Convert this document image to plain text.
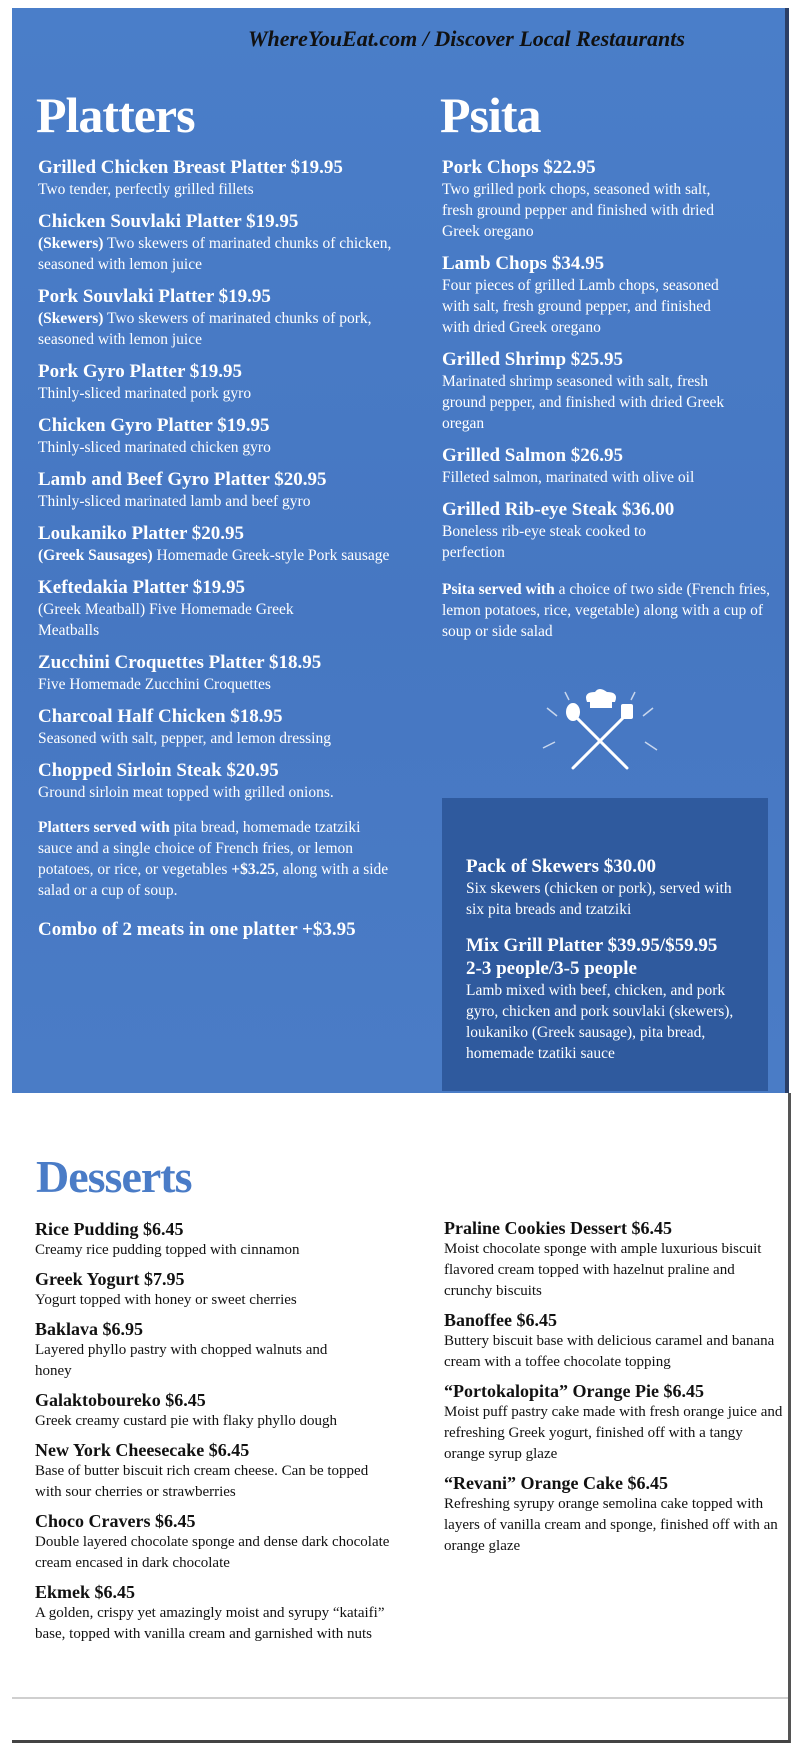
WhereYouEat.com / Discover Local Restaurants
Platters
Grilled Chicken Breast Platter $19.95
Two tender, perfectly grilled fillets
Chicken Souvlaki Platter $19.95
(Skewers) Two skewers of marinated chunks of chicken, seasoned with lemon juice
Pork Souvlaki Platter $19.95
(Skewers) Two skewers of marinated chunks of pork, seasoned with lemon juice
Pork Gyro Platter $19.95
Thinly-sliced marinated pork gyro
Chicken Gyro Platter $19.95
Thinly-sliced marinated chicken gyro
Lamb and Beef Gyro Platter $20.95
Thinly-sliced marinated lamb and beef gyro
Loukaniko Platter $20.95
(Greek Sausages) Homemade Greek-style Pork sausage
Keftedakia Platter $19.95
(Greek Meatball) Five Homemade Greek Meatballs
Zucchini Croquettes Platter $18.95
Five Homemade Zucchini Croquettes
Charcoal Half Chicken $18.95
Seasoned with salt, pepper, and lemon dressing
Chopped Sirloin Steak $20.95
Ground sirloin meat topped with grilled onions.
Platters served with pita bread, homemade tzatziki sauce and a single choice of French fries, or lemon potatoes, or rice, or vegetables +$3.25, along with a side salad or a cup of soup.
Combo of 2 meats in one platter +$3.95
Psita
Pork Chops $22.95
Two grilled pork chops, seasoned with salt, fresh ground pepper and finished with dried Greek oregano
Lamb Chops $34.95
Four pieces of grilled Lamb chops, seasoned with salt, fresh ground pepper, and finished with dried Greek oregano
Grilled Shrimp $25.95
Marinated shrimp seasoned with salt, fresh ground pepper, and finished with dried Greek oregan
Grilled Salmon $26.95
Filleted salmon, marinated with olive oil
Grilled Rib-eye Steak $36.00
Boneless rib-eye steak cooked to perfection
Psita served with a choice of two side (French fries, lemon potatoes, rice, vegetable) along with a cup of soup or side salad
Pack of Skewers $30.00
Six skewers (chicken or pork), served with six pita breads and tzatziki
Mix Grill Platter $39.95/$59.95
2-3 people/3-5 people
Lamb mixed with beef, chicken, and pork gyro, chicken and pork souvlaki (skewers), loukaniko (Greek sausage), pita bread, homemade tzatiki sauce
Desserts
Rice Pudding $6.45
Creamy rice pudding topped with cinnamon
Greek Yogurt $7.95
Yogurt topped with honey or sweet cherries
Baklava $6.95
Layered phyllo pastry with chopped walnuts and honey
Galaktoboureko $6.45
Greek creamy custard pie with flaky phyllo dough
New York Cheesecake $6.45
Base of butter biscuit rich cream cheese. Can be topped with sour cherries or strawberries
Choco Cravers $6.45
Double layered chocolate sponge and dense dark chocolate cream encased in dark chocolate
Ekmek $6.45
A golden, crispy yet amazingly moist and syrupy “kataifi” base, topped with vanilla cream and garnished with nuts
Praline Cookies Dessert $6.45
Moist chocolate sponge with ample luxurious biscuit flavored cream topped with hazelnut praline and crunchy biscuits
Banoffee $6.45
Buttery biscuit base with delicious caramel and banana cream with a toffee chocolate topping
“Portokalopita” Orange Pie $6.45
Moist puff pastry cake made with fresh orange juice and refreshing Greek yogurt, finished off with a tangy orange syrup glaze
“Revani” Orange Cake $6.45
Refreshing syrupy orange semolina cake topped with layers of vanilla cream and sponge, finished off with an orange glaze
